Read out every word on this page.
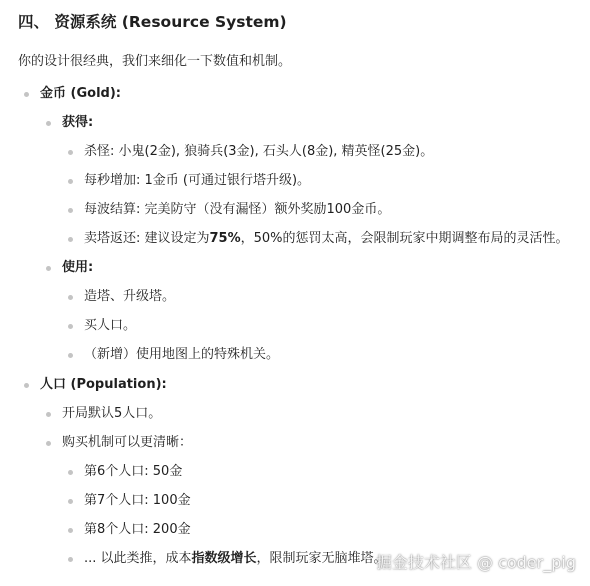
四、 资源系统 (Resource System)
你的设计很经典，我们来细化一下数值和机制。
金币 (Gold):
获得:
杀怪: 小鬼(2金), 狼骑兵(3金), 石头人(8金), 精英怪(25金)。
每秒增加: 1金币 (可通过银行塔升级)。
每波结算: 完美防守（没有漏怪）额外奖励100金币。
卖塔返还: 建议设定为75%，50%的惩罚太高，会限制玩家中期调整布局的灵活性。
使用:
造塔、升级塔。
买人口。
（新增）使用地图上的特殊机关。
人口 (Population):
开局默认5人口。
购买机制可以更清晰：
第6个人口: 50金
第7个人口: 100金
第8个人口: 200金
... 以此类推，成本指数级增长，限制玩家无脑堆塔。
掘金技术社区 @ coder_pig
